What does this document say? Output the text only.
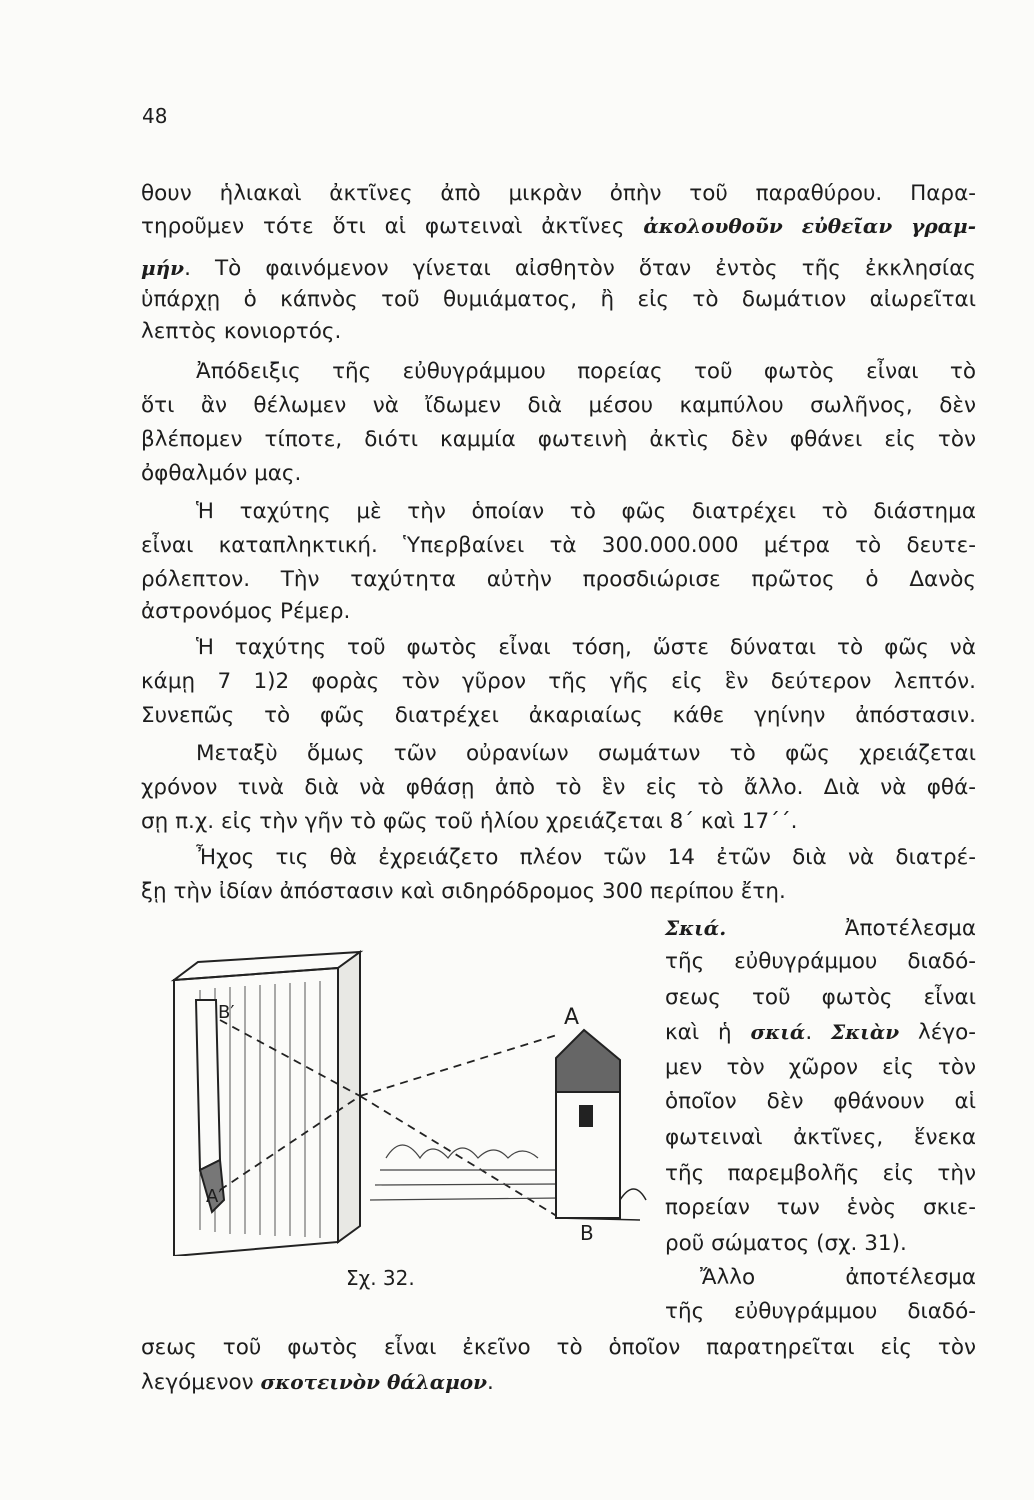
48
θουν ἡλιακαὶ ἀκτῖνες ἀπὸ μικρὰν ὀπὴν τοῦ παραθύρου. Παρα-
τηροῦμεν τότε ὅτι αἱ φωτειναὶ ἀκτῖνες ἀκολουθοῦν εὐθεῖαν γραμ-
μήν. Τὸ φαινόμενον γίνεται αἰσθητὸν ὅταν ἐντὸς τῆς ἐκκλησίας
ὑπάρχῃ ὁ κάπνὸς τοῦ θυμιάματος, ἢ εἰς τὸ δωμάτιον αἰωρεῖται
λεπτὸς κονιορτός.
Ἀπόδειξις τῆς εὐθυγράμμου πορείας τοῦ φωτὸς εἶναι τὸ
ὅτι ἂν θέλωμεν νὰ ἴδωμεν διὰ μέσου καμπύλου σωλῆνος, δὲν
βλέπομεν τίποτε, διότι καμμία φωτεινὴ ἀκτὶς δὲν φθάνει εἰς τὸν
ὀφθαλμόν μας.
Ἡ ταχύτης μὲ τὴν ὁποίαν τὸ φῶς διατρέχει τὸ διάστημα
εἶναι καταπληκτική. Ὑπερβαίνει τὰ 300.000.000 μέτρα τὸ δευτε-
ρόλεπτον. Τὴν ταχύτητα αὐτὴν προσδιώρισε πρῶτος ὁ Δανὸς
ἀστρονόμος Ρέμερ.
Ἡ ταχύτης τοῦ φωτὸς εἶναι τόση, ὥστε δύναται τὸ φῶς νὰ
κάμῃ 7 1)2 φορὰς τὸν γῦρον τῆς γῆς εἰς ἓν δεύτερον λεπτόν.
Συνεπῶς τὸ φῶς διατρέχει ἀκαριαίως κάθε γηίνην ἀπόστασιν.
Μεταξὺ ὅμως τῶν οὐρανίων σωμάτων τὸ φῶς χρειάζεται
χρόνον τινὰ διὰ νὰ φθάσῃ ἀπὸ τὸ ἓν εἰς τὸ ἄλλο. Διὰ νὰ φθά-
σῃ π.χ. εἰς τὴν γῆν τὸ φῶς τοῦ ἡλίου χρειάζεται 8΄ καὶ 17΄΄.
Ἦχος τις θὰ ἐχρειάζετο πλέον τῶν 14 ἐτῶν διὰ νὰ διατρέ-
ξῃ τὴν ἰδίαν ἀπόστασιν καὶ σιδηρόδρομος 300 περίπου ἔτη.
Σκιά. Ἀποτέλεσμα
τῆς εὐθυγράμμου διαδό-
σεως τοῦ φωτὸς εἶναι
καὶ ἡ σκιά. Σκιὰν λέγο-
μεν τὸν χῶρον εἰς τὸν
ὁποῖον δὲν φθάνουν αἱ
φωτειναὶ ἀκτῖνες, ἕνεκα
τῆς παρεμβολῆς εἰς τὴν
πορείαν των ἑνὸς σκιε-
ροῦ σώματος (σχ. 31).
Ἄλλο ἀποτέλεσμα
τῆς εὐθυγράμμου διαδό-
σεως τοῦ φωτὸς εἶναι ἐκεῖνο τὸ ὁποῖον παρατηρεῖται εἰς τὸν
λεγόμενον σκοτεινὸν θάλαμον.
A
B
B′
A′
Σχ. 32.
